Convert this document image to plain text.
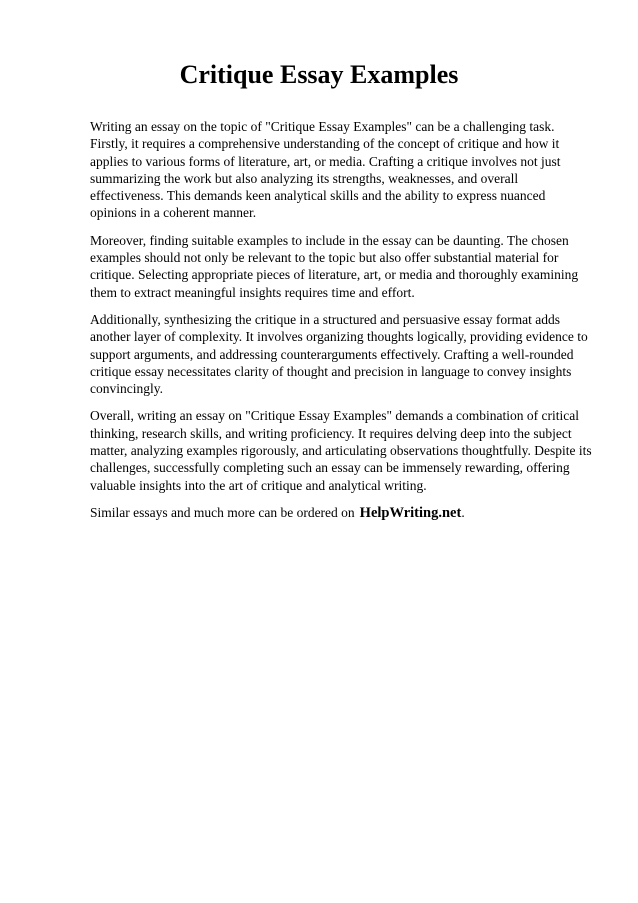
Critique Essay Examples

Writing an essay on the topic of "Critique Essay Examples" can be a challenging task. Firstly, it requires a comprehensive understanding of the concept of critique and how it applies to various forms of literature, art, or media. Crafting a critique involves not just summarizing the work but also analyzing its strengths, weaknesses, and overall effectiveness. This demands keen analytical skills and the ability to express nuanced opinions in a coherent manner.

Moreover, finding suitable examples to include in the essay can be daunting. The chosen examples should not only be relevant to the topic but also offer substantial material for critique. Selecting appropriate pieces of literature, art, or media and thoroughly examining them to extract meaningful insights requires time and effort.

Additionally, synthesizing the critique in a structured and persuasive essay format adds another layer of complexity. It involves organizing thoughts logically, providing evidence to support arguments, and addressing counterarguments effectively. Crafting a well-rounded critique essay necessitates clarity of thought and precision in language to convey insights convincingly.

Overall, writing an essay on "Critique Essay Examples" demands a combination of critical thinking, research skills, and writing proficiency. It requires delving deep into the subject matter, analyzing examples rigorously, and articulating observations thoughtfully. Despite its challenges, successfully completing such an essay can be immensely rewarding, offering valuable insights into the art of critique and analytical writing.

Similar essays and much more can be ordered on HelpWriting.net.
